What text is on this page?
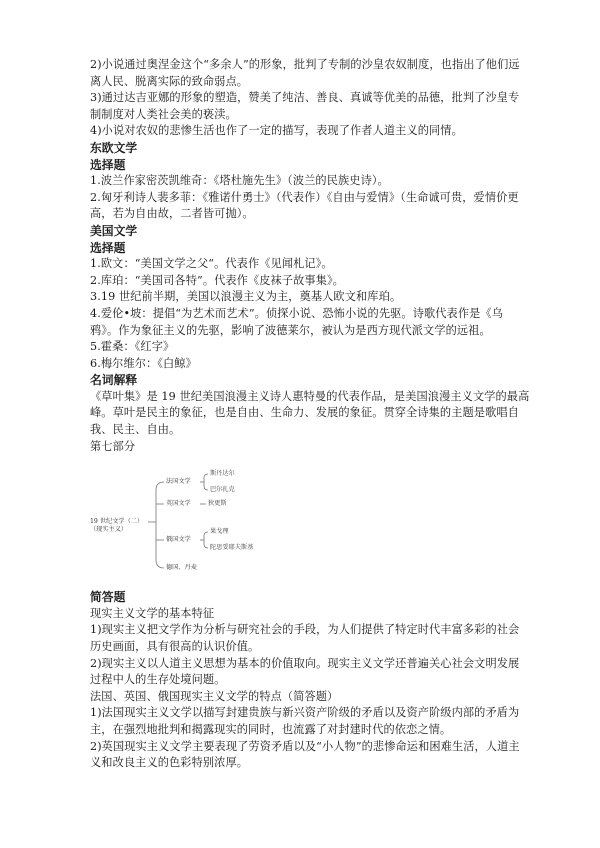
2)小说通过奥涅金这个“多余人”的形象，批判了专制的沙皇农奴制度，也指出了他们远离人民、脱离实际的致命弱点。

3)通过达吉亚娜的形象的塑造，赞美了纯洁、善良、真诚等优美的品德，批判了沙皇专制制度对人类社会美的亵渎。

4)小说对农奴的悲惨生活也作了一定的描写，表现了作者人道主义的同情。

东欧文学

选择题

1.波兰作家密茨凯维奇：《塔杜施先生》（波兰的民族史诗）。

2.匈牙利诗人裴多菲：《雅诺什勇士》（代表作）《自由与爱情》（生命诚可贵，爱情价更高，若为自由故，二者皆可抛）。

美国文学

选择题

1.欧文：“美国文学之父“。代表作《见闻札记》。

2.库珀：“美国司各特”。代表作《皮袜子故事集》。

3.19 世纪前半期，美国以浪漫主义为主，奠基人欧文和库珀。

4.爱伦•坡：提倡“为艺术而艺术”。侦探小说、恐怖小说的先驱。诗歌代表作是《乌鸦》。作为象征主义的先驱，影响了波德莱尔，被认为是西方现代派文学的远祖。

5.霍桑：《红字》

6.梅尔维尔：《白鲸》

名词解释

《草叶集》是 19 世纪美国浪漫主义诗人惠特曼的代表作品，是美国浪漫主义文学的最高峰。草叶是民主的象征，也是自由、生命力、发展的象征。贯穿全诗集的主题是歌唱自我、民主、自由。

第七部分

19 世纪文学（二）（现实主义）
法国文学
斯丹达尔
巴尔扎克
英国文学	狄更斯
俄国文学
果戈理
陀思妥耶夫斯基
德国、丹麦

简答题

现实主义文学的基本特征

1)现实主义把文学作为分析与研究社会的手段，为人们提供了特定时代丰富多彩的社会历史画面，具有很高的认识价值。

2)现实主义以人道主义思想为基本的价值取向。现实主义文学还普遍关心社会文明发展过程中人的生存处境问题。

法国、英国、俄国现实主义文学的特点（简答题）

1)法国现实主义文学以描写封建贵族与新兴资产阶级的矛盾以及资产阶级内部的矛盾为主，在强烈地批判和揭露现实的同时，也流露了对封建时代的依恋之情。

2)英国现实主义文学主要表现了劳资矛盾以及“小人物”的悲惨命运和困难生活，人道主义和改良主义的色彩特别浓厚。
